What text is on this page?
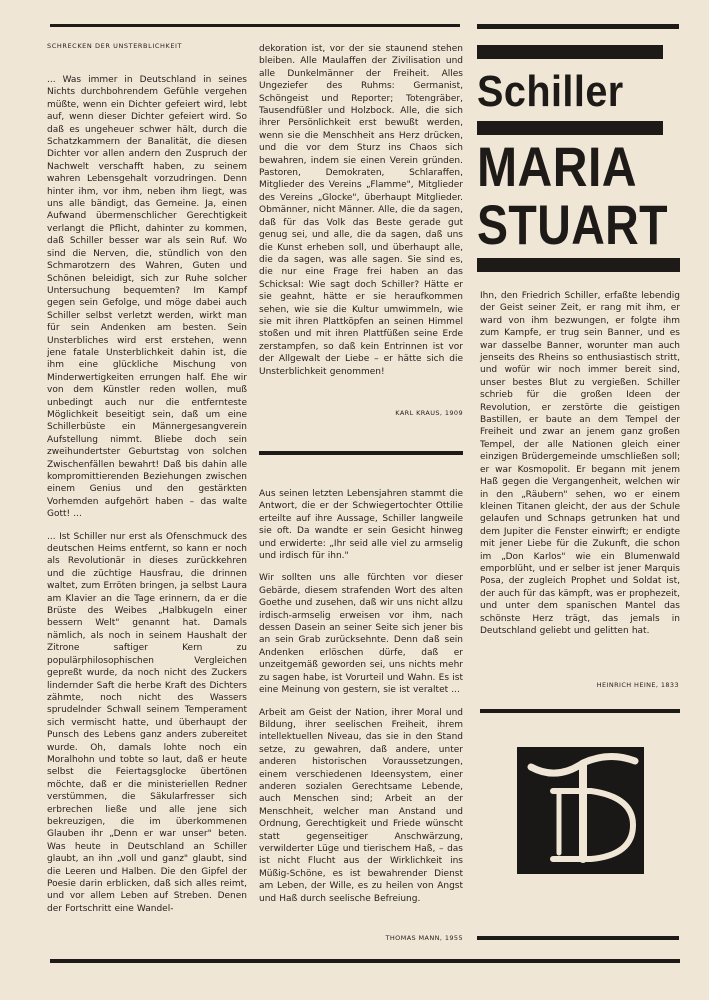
SCHRECKEN DER UNSTERBLICHKEIT

... Was immer in Deutschland in seines Nichts durchbohrendem Gefühle vergehen müßte, wenn ein Dichter gefeiert wird, lebt auf, wenn dieser Dichter gefeiert wird. So daß es ungeheuer schwer hält, durch die Schatzkammern der Banalität, die diesen Dichter vor allen andern den Zuspruch der Nachwelt verschafft haben, zu seinem wahren Lebensgehalt vorzudringen. Denn hinter ihm, vor ihm, neben ihm liegt, was uns alle bändigt, das Gemeine. Ja, einen Aufwand übermenschlicher Gerechtigkeit verlangt die Pflicht, dahinter zu kommen, daß Schiller besser war als sein Ruf. Wo sind die Nerven, die, stündlich von den Schmarotzern des Wahren, Guten und Schönen beleidigt, sich zur Ruhe solcher Untersuchung bequemten? Im Kampf gegen sein Gefolge, und möge dabei auch Schiller selbst verletzt werden, wirkt man für sein Andenken am besten. Sein Unsterbliches wird erst erstehen, wenn jene fatale Unsterblichkeit dahin ist, die ihm eine glückliche Mischung von Minderwertigkeiten errungen half. Ehe wir von dem Künstler reden wollen, muß unbedingt auch nur die entfernteste Möglichkeit beseitigt sein, daß um eine Schillerbüste ein Männergesangverein Aufstellung nimmt. Bliebe doch sein zweihundertster Geburtstag von solchen Zwischenfällen bewahrt! Daß bis dahin alle kompromittierenden Beziehungen zwischen einem Genius und den gestärkten Vorhemden aufgehört haben – das walte Gott! ...

... Ist Schiller nur erst als Ofenschmuck des deutschen Heims entfernt, so kann er noch als Revolutionär in dieses zurückkehren und die züchtige Hausfrau, die drinnen waltet, zum Erröten bringen, ja selbst Laura am Klavier an die Tage erinnern, da er die Brüste des Weibes „Halbkugeln einer bessern Welt" genannt hat. Damals nämlich, als noch in seinem Haushalt der Zitrone saftiger Kern zu populärphilosophischen Vergleichen gepreßt wurde, da noch nicht des Zuckers lindernder Saft die herbe Kraft des Dichters zähmte, noch nicht des Wassers sprudelnder Schwall seinem Temperament sich vermischt hatte, und überhaupt der Punsch des Lebens ganz anders zubereitet wurde. Oh, damals lohte noch ein Moralhohn und tobte so laut, daß er heute selbst die Feiertagsglocke übertönen möchte, daß er die ministeriellen Redner verstümmen, die Säkularfresser sich erbrechen ließe und alle jene sich bekreuzigen, die im überkommenen Glauben ihr „Denn er war unser" beten. Was heute in Deutschland an Schiller glaubt, an ihn „voll und ganz" glaubt, sind die Leeren und Halben. Die den Gipfel der Poesie darin erblicken, daß sich alles reimt, und vor allem Leben auf Streben. Denen der Fortschritt eine Wandel-

dekoration ist, vor der sie staunend stehen bleiben. Alle Maulaffen der Zivilisation und alle Dunkelmänner der Freiheit. Alles Ungeziefer des Ruhms: Germanist, Schöngeist und Reporter; Totengräber, Tausendfüßler und Holzbock. Alle, die sich ihrer Persönlichkeit erst bewußt werden, wenn sie die Menschheit ans Herz drücken, und die vor dem Sturz ins Chaos sich bewahren, indem sie einen Verein gründen. Pastoren, Demokraten, Schlaraffen, Mitglieder des Vereins „Flamme", Mitglieder des Vereins „Glocke", überhaupt Mitglieder. Obmänner, nicht Männer. Alle, die da sagen, daß für das Volk das Beste gerade gut genug sei, und alle, die da sagen, daß uns die Kunst erheben soll, und überhaupt alle, die da sagen, was alle sagen. Sie sind es, die nur eine Frage frei haben an das Schicksal: Wie sagt doch Schiller? Hätte er sie geahnt, hätte er sie heraufkommen sehen, wie sie die Kultur umwimmeln, wie sie mit ihren Plattköpfen an seinen Himmel stoßen und mit ihren Plattfüßen seine Erde zerstampfen, so daß kein Entrinnen ist vor der Allgewalt der Liebe – er hätte sich die Unsterblichkeit genommen!

KARL KRAUS, 1909

Aus seinen letzten Lebensjahren stammt die Antwort, die er der Schwiegertochter Ottilie erteilte auf ihre Aussage, Schiller langweile sie oft. Da wandte er sein Gesicht hinweg und erwiderte: „Ihr seid alle viel zu armselig und irdisch für ihn."

Wir sollten uns alle fürchten vor dieser Gebärde, diesem strafenden Wort des alten Goethe und zusehen, daß wir uns nicht allzu irdisch-armselig erweisen vor ihm, nach dessen Dasein an seiner Seite sich jener bis an sein Grab zurücksehnte. Denn daß sein Andenken erlöschen dürfe, daß er unzeitgemäß geworden sei, uns nichts mehr zu sagen habe, ist Vorurteil und Wahn. Es ist eine Meinung von gestern, sie ist veraltet ...

Arbeit am Geist der Nation, ihrer Moral und Bildung, ihrer seelischen Freiheit, ihrem intellektuellen Niveau, das sie in den Stand setze, zu gewahren, daß andere, unter anderen historischen Voraussetzungen, einem verschiedenen Ideensystem, einer anderen sozialen Gerechtsame Lebende, auch Menschen sind; Arbeit an der Menschheit, welcher man Anstand und Ordnung, Gerechtigkeit und Friede wünscht statt gegenseitiger Anschwärzung, verwilderter Lüge und tierischem Haß, – das ist nicht Flucht aus der Wirklichkeit ins Müßig-Schöne, es ist bewahrender Dienst am Leben, der Wille, es zu heilen von Angst und Haß durch seelische Befreiung.

THOMAS MANN, 1955
Schiller
MARIA
STUART

Ihn, den Friedrich Schiller, erfaßte lebendig der Geist seiner Zeit, er rang mit ihm, er ward von ihm bezwungen, er folgte ihm zum Kampfe, er trug sein Banner, und es war dasselbe Banner, worunter man auch jenseits des Rheins so enthusiastisch stritt, und wofür wir noch immer bereit sind, unser bestes Blut zu vergießen. Schiller schrieb für die großen Ideen der Revolution, er zerstörte die geistigen Bastillen, er baute an dem Tempel der Freiheit und zwar an jenem ganz großen Tempel, der alle Nationen gleich einer einzigen Brüdergemeinde umschließen soll; er war Kosmopolit. Er begann mit jenem Haß gegen die Vergangenheit, welchen wir in den „Räubern" sehen, wo er einem kleinen Titanen gleicht, der aus der Schule gelaufen und Schnaps getrunken hat und dem Jupiter die Fenster einwirft; er endigte mit jener Liebe für die Zukunft, die schon im „Don Karlos" wie ein Blumenwald emporblüht, und er selber ist jener Marquis Posa, der zugleich Prophet und Soldat ist, der auch für das kämpft, was er prophezeit, und unter dem spanischen Mantel das schönste Herz trägt, das jemals in Deutschland geliebt und gelitten hat.

HEINRICH HEINE, 1833
